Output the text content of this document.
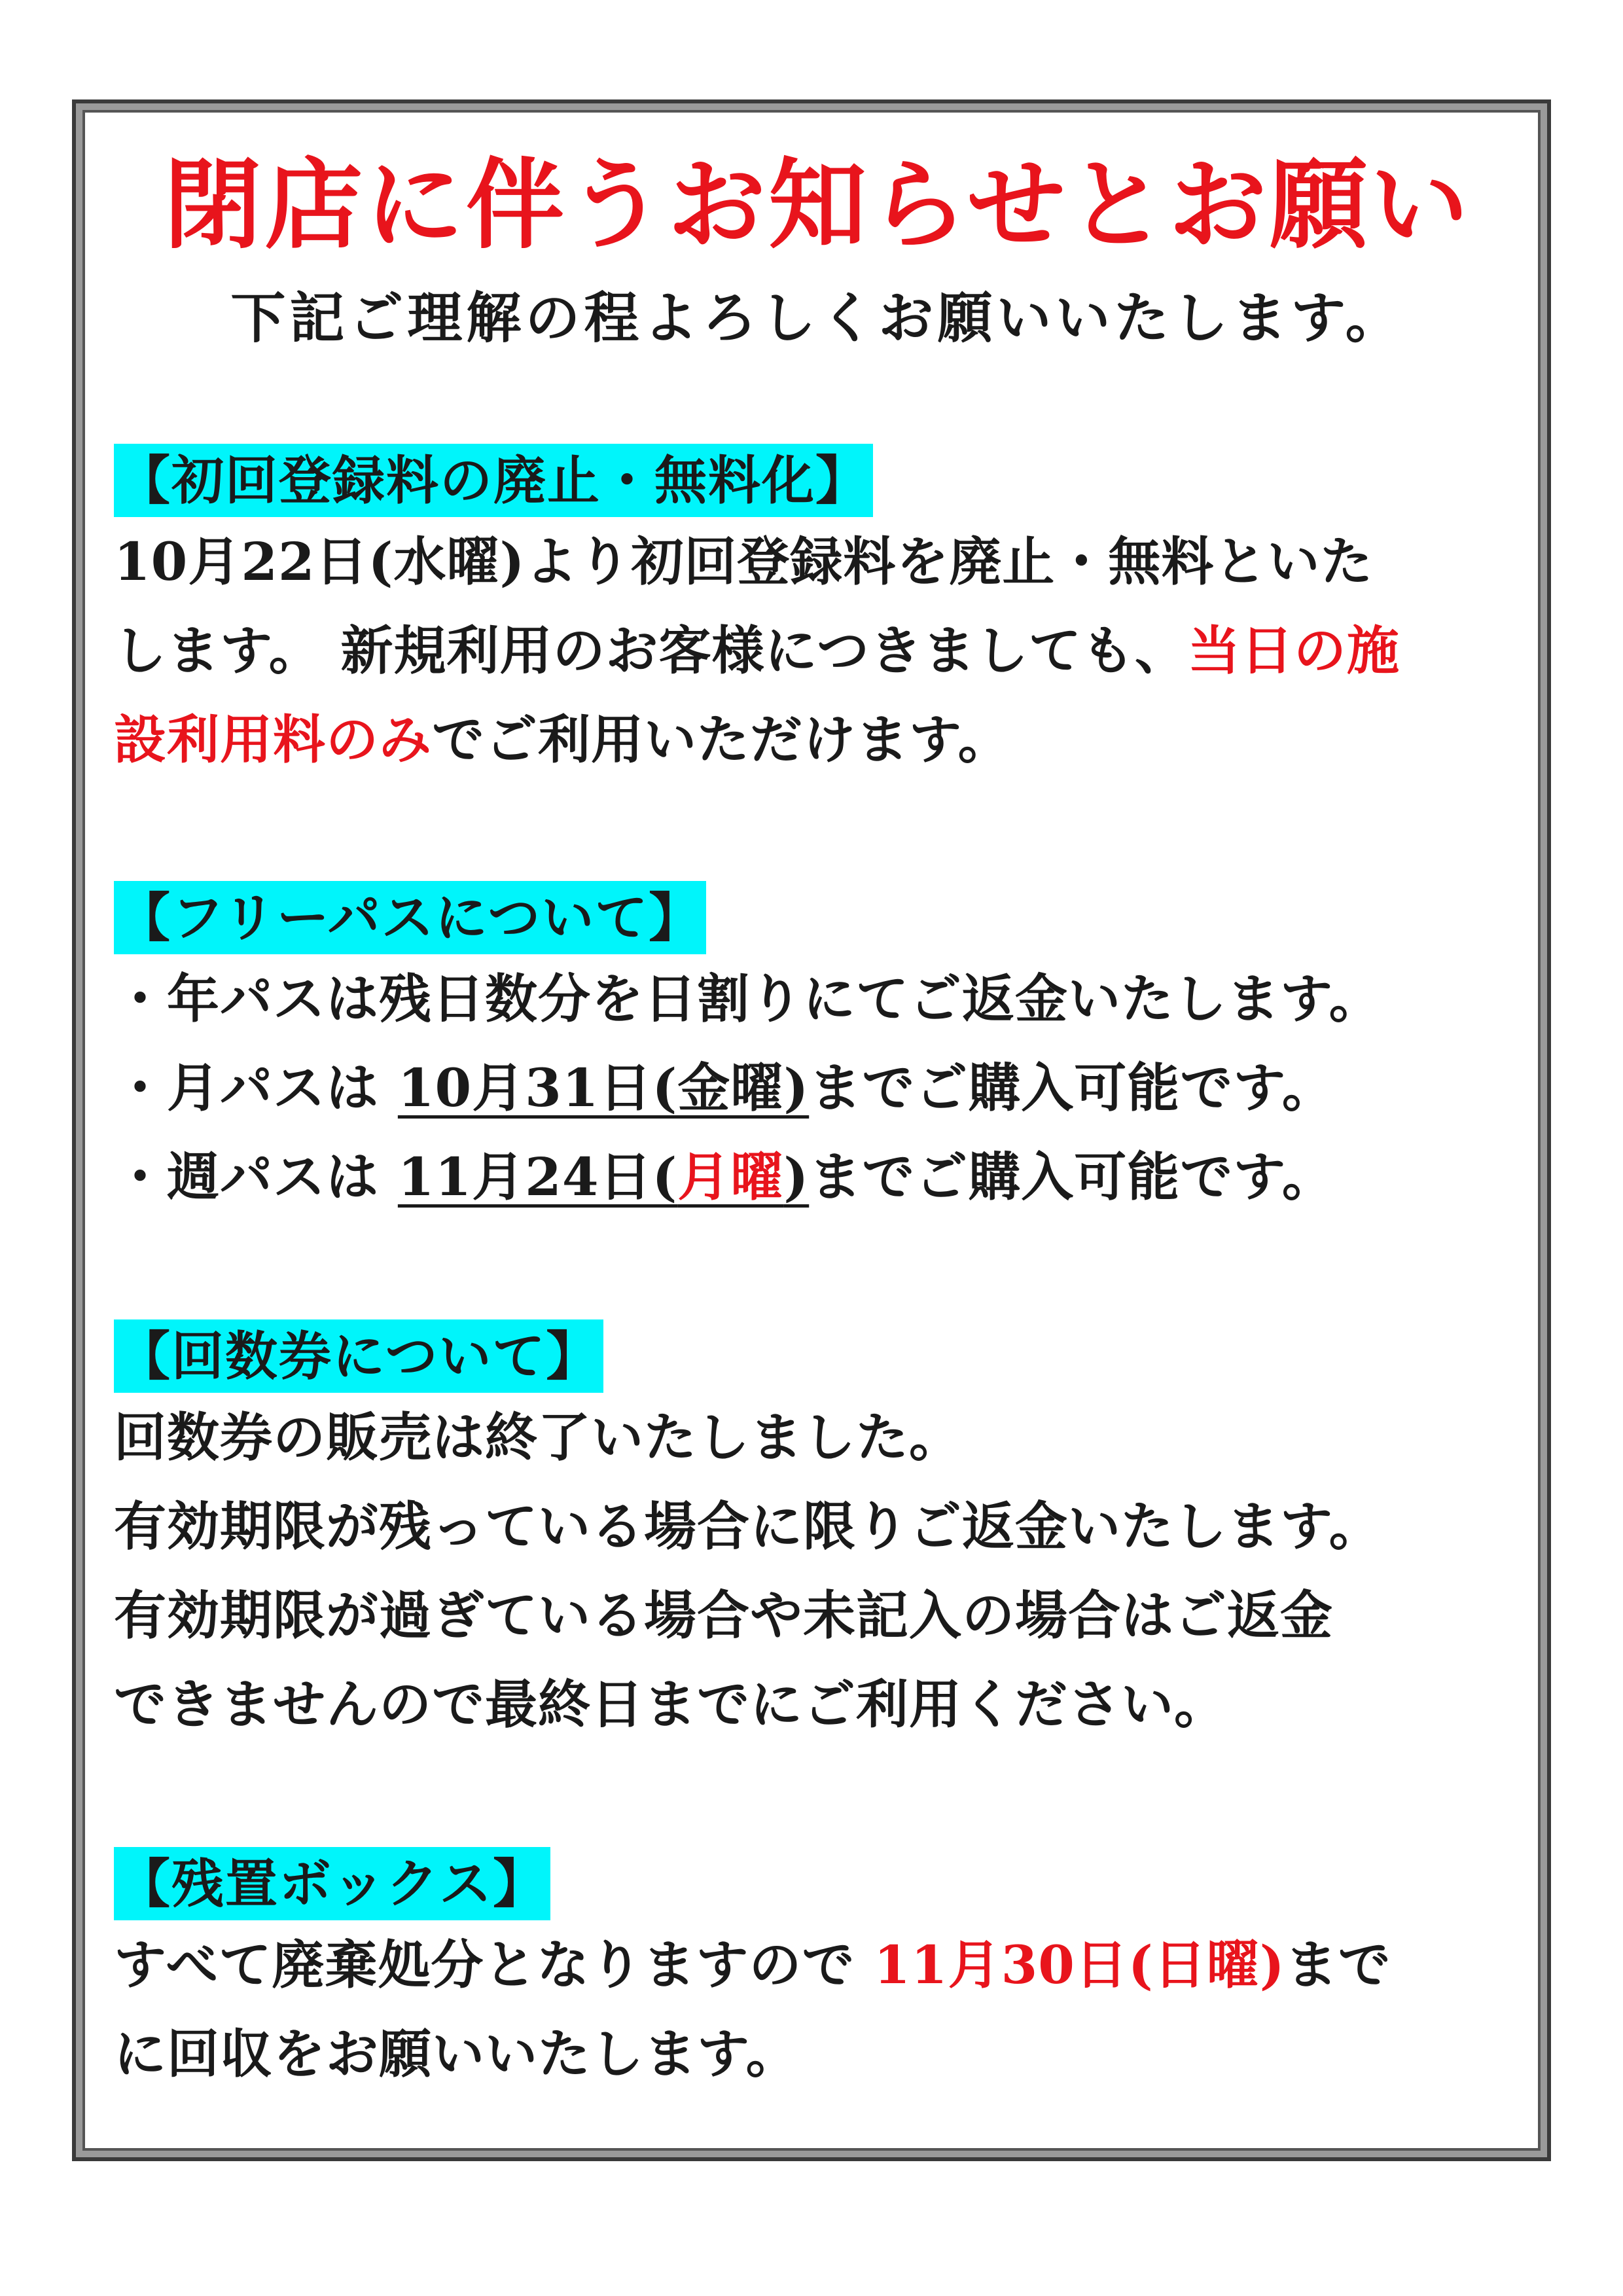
閉店に伴うお知らせとお願い

下記ご理解の程よろしくお願いいたします。

【初回登録料の廃止・無料化】

10月22日(水曜)より初回登録料を廃止・無料といた

します。 新規利用のお客様につきましても、当日の施

設利用料のみでご利用いただけます。

【フリーパスについて】

・年パスは残日数分を日割りにてご返金いたします。

・月パスは 10月31日(金曜)までご購入可能です。

・週パスは 11月24日(月曜)までご購入可能です。

【回数券について】

回数券の販売は終了いたしました。

有効期限が残っている場合に限りご返金いたします。

有効期限が過ぎている場合や未記入の場合はご返金

できませんので最終日までにご利用ください。

【残置ボックス】

すべて廃棄処分となりますので 11月30日(日曜)まで

に回収をお願いいたします。
